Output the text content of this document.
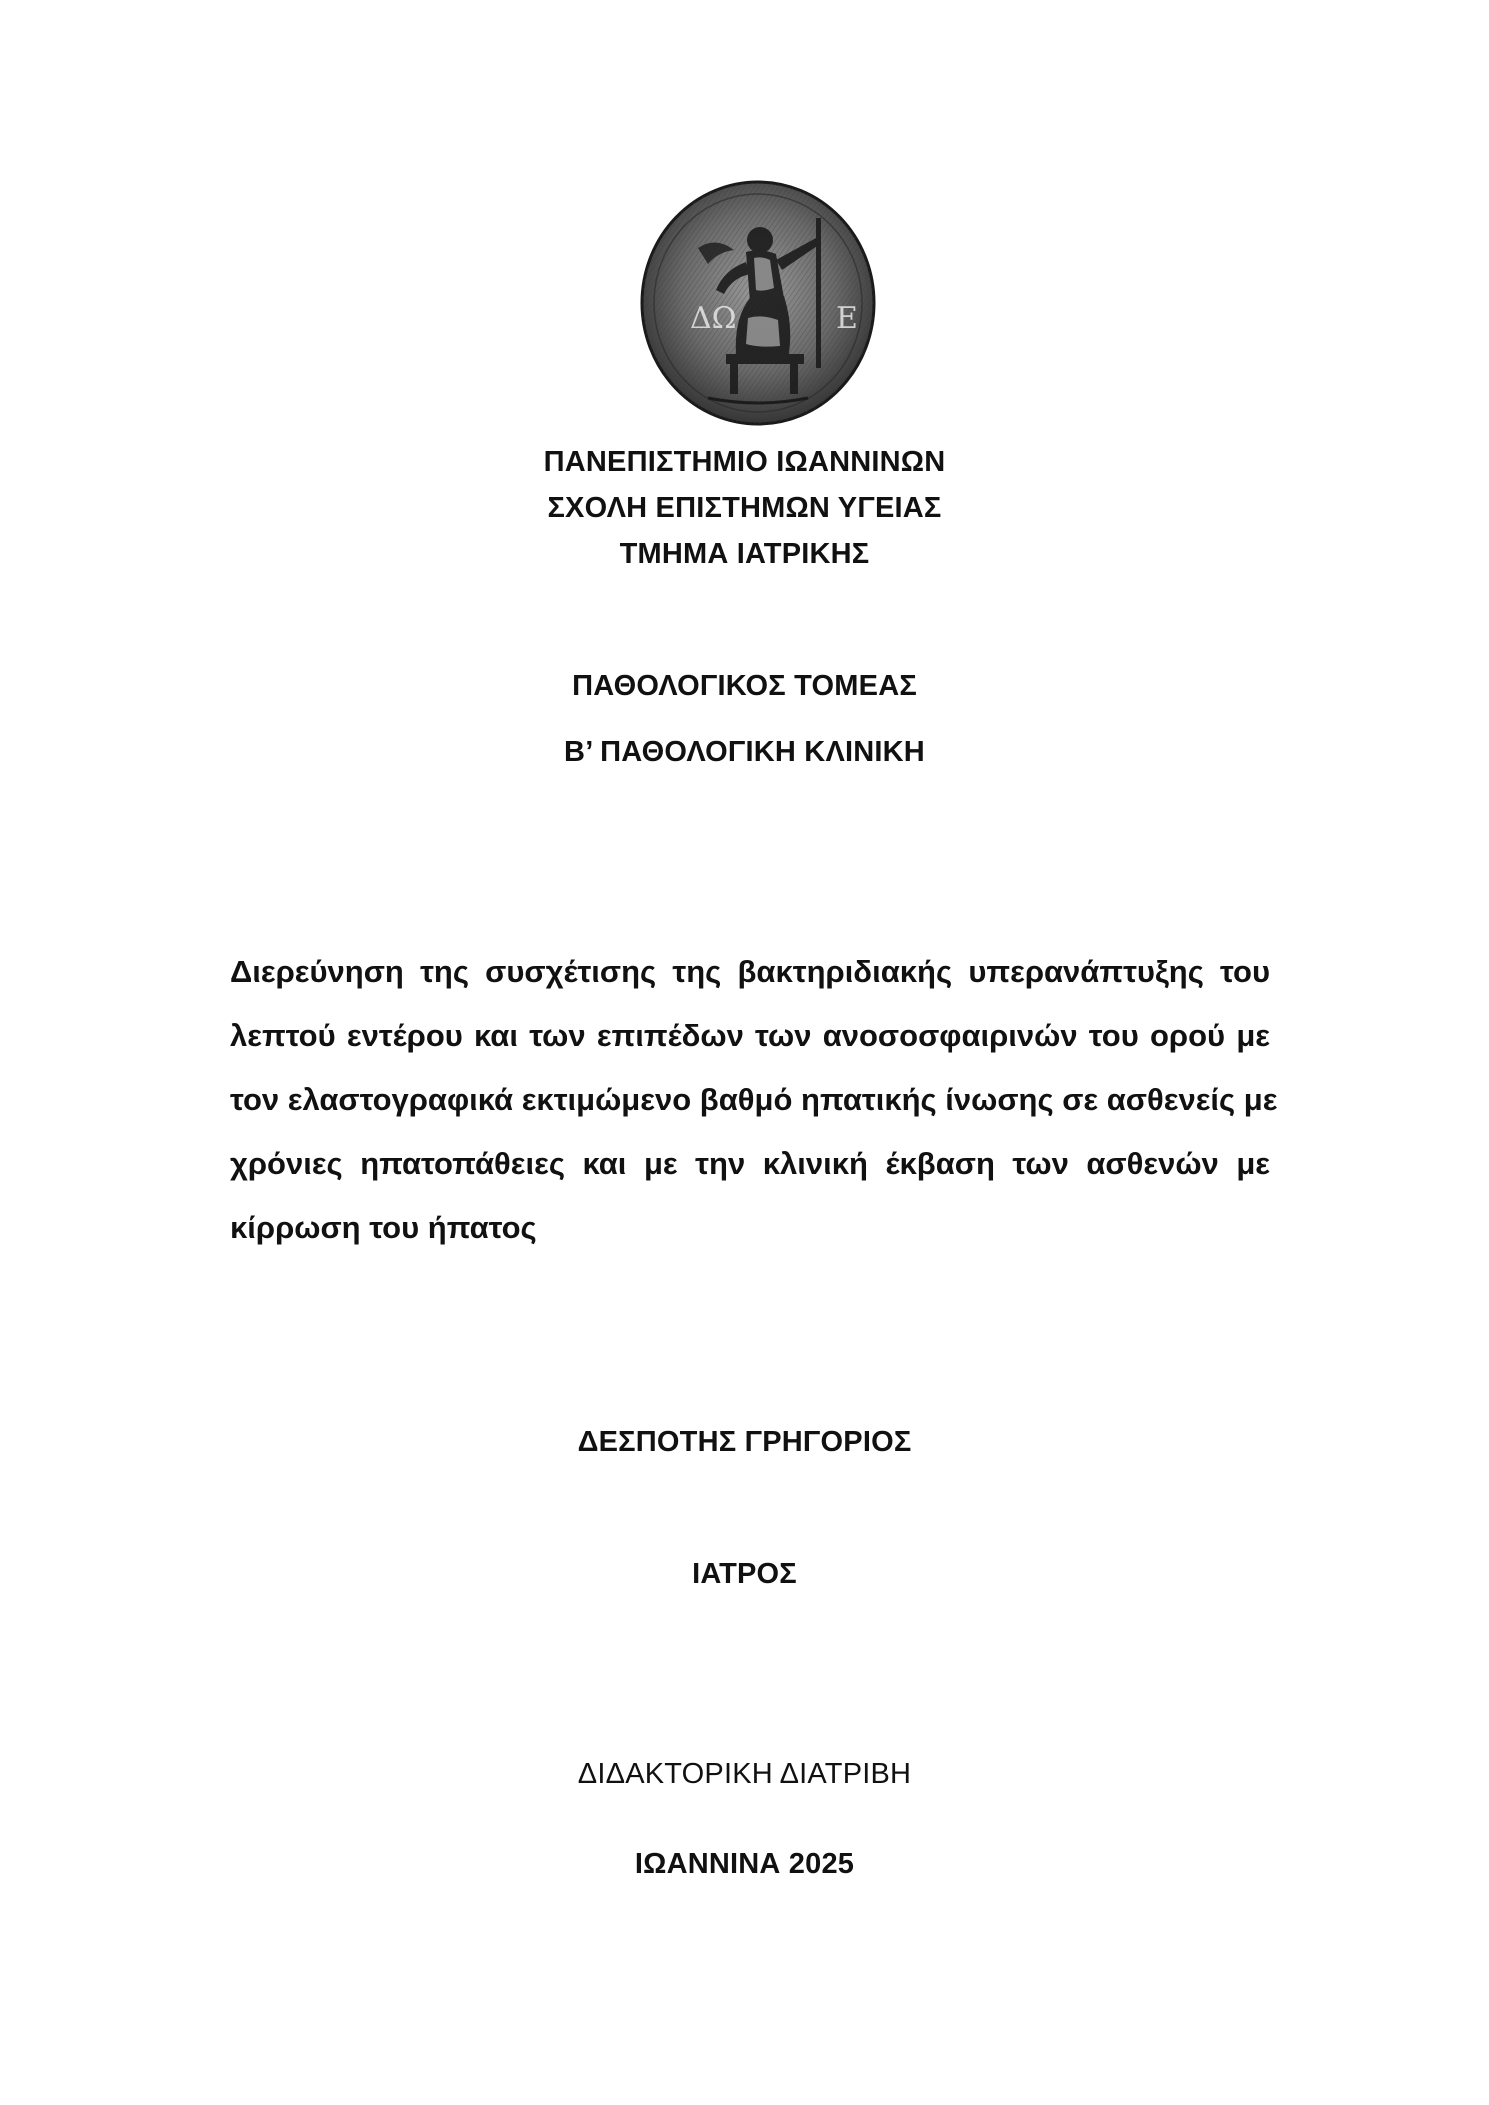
ΔΩ	Ε
ΠΑΝΕΠΙΣΤΗΜΙΟ ΙΩΑΝΝΙΝΩΝ
ΣΧΟΛΗ ΕΠΙΣΤΗΜΩΝ ΥΓΕΙΑΣ
ΤΜΗΜΑ ΙΑΤΡΙΚΗΣ
ΠΑΘΟΛΟΓΙΚΟΣ ΤΟΜΕΑΣ
Β’ ΠΑΘΟΛΟΓΙΚΗ ΚΛΙΝΙΚΗ
Διερεύνηση της συσχέτισης της βακτηριδιακής υπερανάπτυξης του
λεπτού εντέρου και των επιπέδων των ανοσοσφαιρινών του ορού με
τον ελαστογραφικά εκτιμώμενο βαθμό ηπατικής ίνωσης σε ασθενείς με
χρόνιες ηπατοπάθειες και με την κλινική έκβαση των ασθενών με
κίρρωση του ήπατος
ΔΕΣΠΟΤΗΣ ΓΡΗΓΟΡΙΟΣ
ΙΑΤΡΟΣ
ΔΙΔΑΚΤΟΡΙΚΗ ΔΙΑΤΡΙΒΗ
ΙΩΑΝΝΙΝΑ 2025
